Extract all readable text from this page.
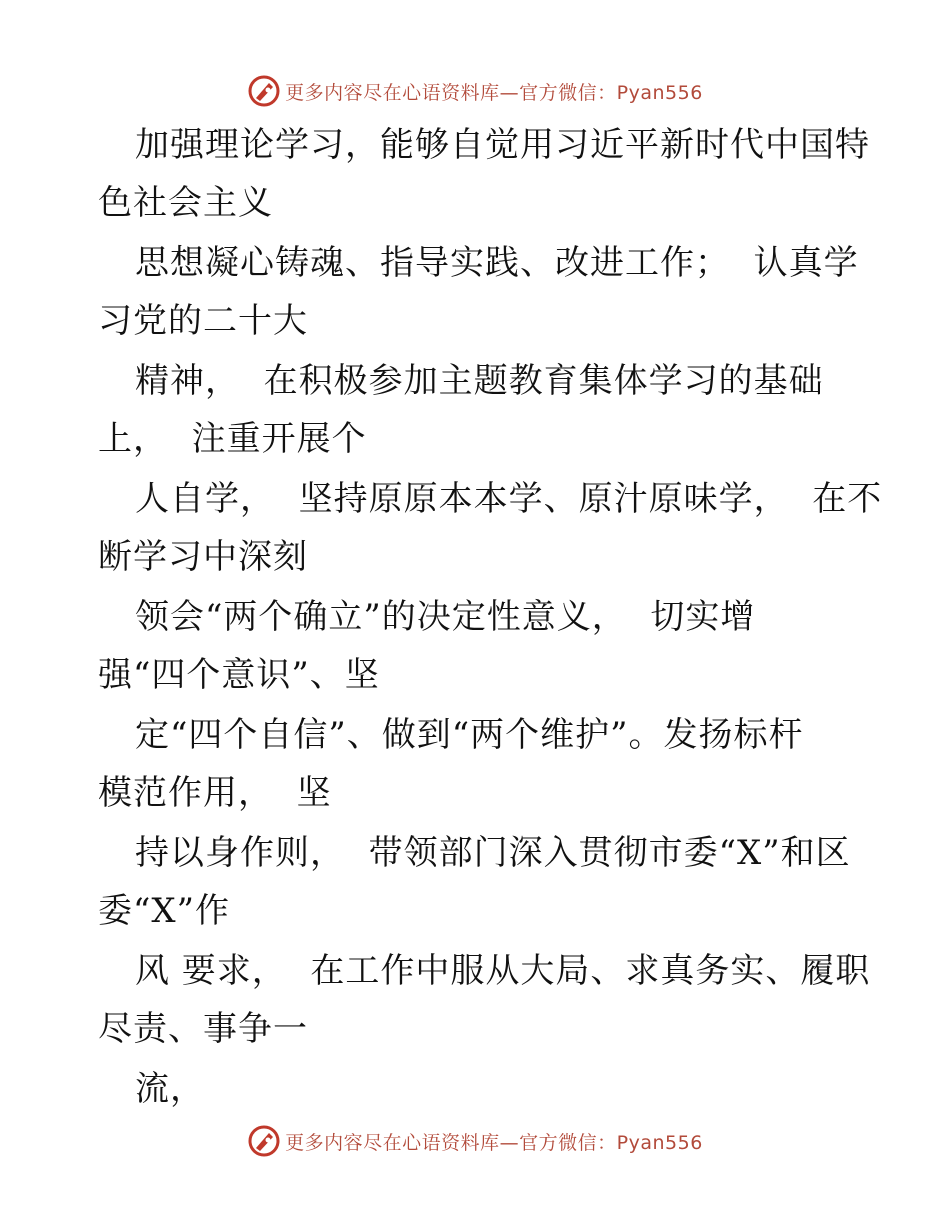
更多内容尽在心语资料库—官方微信：Pyan556
加强理论学习，能够自觉用习近平新时代中国特
色社会主义
思想凝心铸魂、指导实践、改进工作；  认真学
习党的二十大
精神，  在积极参加主题教育集体学习的基础
上，  注重开展个
人自学，  坚持原原本本学、原汁原味学，  在不
断学习中深刻
领会“两个确立”的决定性意义，  切实增
强“四个意识”、坚
定“四个自信”、做到“两个维护”。发扬标杆
模范作用，  坚
持以身作则，  带领部门深入贯彻市委“X”和区
委“X”作
风 要求，  在工作中服从大局、求真务实、履职
尽责、事争一
流，
更多内容尽在心语资料库—官方微信：Pyan556
